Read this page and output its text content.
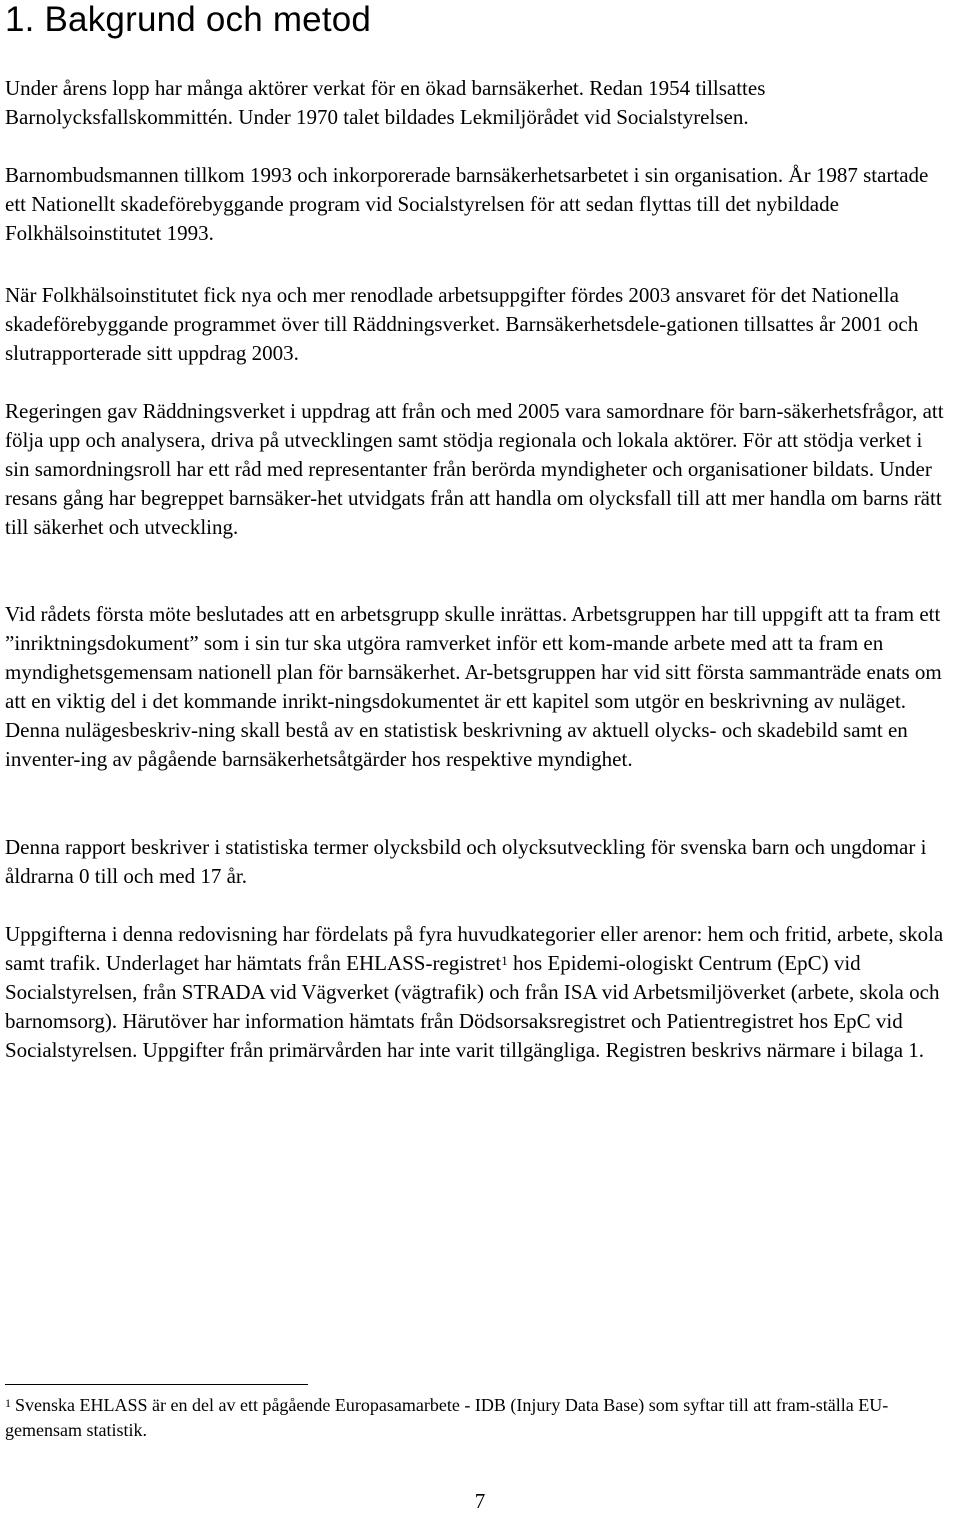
1. Bakgrund och metod

Under årens lopp har många aktörer verkat för en ökad barnsäkerhet. Redan 1954 tillsattes Barnolycksfallskommittén. Under 1970 talet bildades Lekmiljörådet vid Socialstyrelsen.

Barnombudsmannen tillkom 1993 och inkorporerade barnsäkerhetsarbetet i sin organisation. År 1987 startade ett Nationellt skadeförebyggande program vid Socialstyrelsen för att sedan flyttas till det nybildade Folkhälsoinstitutet 1993.

När Folkhälsoinstitutet fick nya och mer renodlade arbetsuppgifter fördes 2003 ansvaret för det Nationella skadeförebyggande programmet över till Räddningsverket. Barnsäkerhetsdele-gationen tillsattes år 2001 och slutrapporterade sitt uppdrag 2003.

Regeringen gav Räddningsverket i uppdrag att från och med 2005 vara samordnare för barn-säkerhetsfrågor, att följa upp och analysera, driva på utvecklingen samt stödja regionala och lokala aktörer. För att stödja verket i sin samordningsroll har ett råd med representanter från berörda myndigheter och organisationer bildats. Under resans gång har begreppet barnsäker-het utvidgats från att handla om olycksfall till att mer handla om barns rätt till säkerhet och utveckling.

Vid rådets första möte beslutades att en arbetsgrupp skulle inrättas. Arbetsgruppen har till uppgift att ta fram ett ”inriktningsdokument” som i sin tur ska utgöra ramverket inför ett kom-mande arbete med att ta fram en myndighetsgemensam nationell plan för barnsäkerhet. Ar-betsgruppen har vid sitt första sammanträde enats om att en viktig del i det kommande inrikt-ningsdokumentet är ett kapitel som utgör en beskrivning av nuläget. Denna nulägesbeskriv-ning skall bestå av en statistisk beskrivning av aktuell olycks- och skadebild samt en inventer-ing av pågående barnsäkerhetsåtgärder hos respektive myndighet.

Denna rapport beskriver i statistiska termer olycksbild och olycksutveckling för svenska barn och ungdomar i åldrarna 0 till och med 17 år.

Uppgifterna i denna redovisning har fördelats på fyra huvudkategorier eller arenor: hem och fritid, arbete, skola samt trafik. Underlaget har hämtats från EHLASS-registret$^1$ hos Epidemi-ologiskt Centrum (EpC) vid Socialstyrelsen, från STRADA vid Vägverket (vägtrafik) och från ISA vid Arbetsmiljöverket (arbete, skola och barnomsorg). Härutöver har information hämtats från Dödsorsaksregistret och Patientregistret hos EpC vid Socialstyrelsen. Uppgifter från primärvården har inte varit tillgängliga. Registren beskrivs närmare i bilaga 1.

$^1$ Svenska EHLASS är en del av ett pågående Europasamarbete - IDB (Injury Data Base) som syftar till att fram-ställa EU-gemensam statistik.

7
